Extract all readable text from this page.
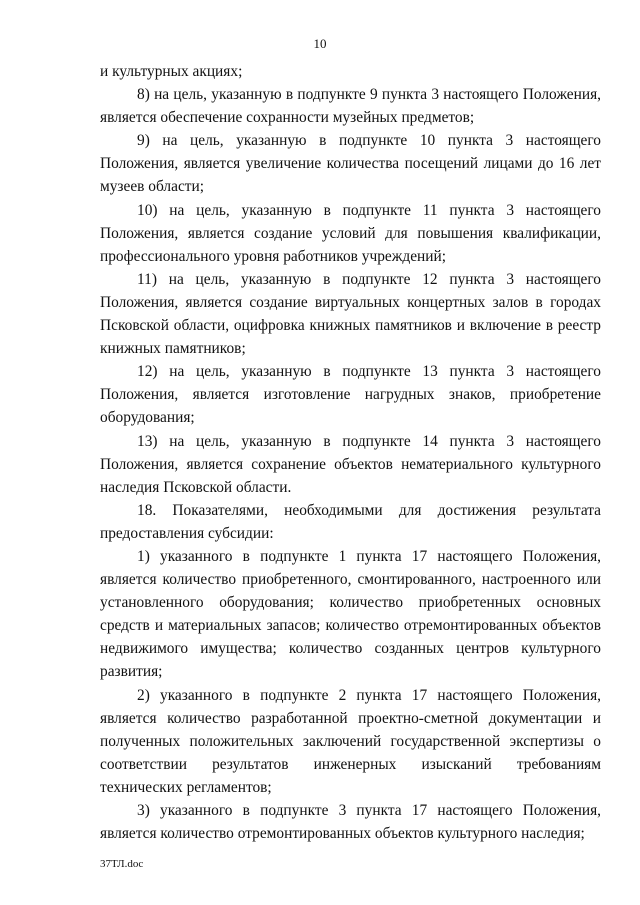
10

и культурных акциях;

8) на цель, указанную в подпункте 9 пункта 3 настоящего Положения, является обеспечение сохранности музейных предметов;

9) на цель, указанную в подпункте 10 пункта 3 настоящего Положения, является увеличение количества посещений лицами до 16 лет музеев области;

10) на цель, указанную в подпункте 11 пункта 3 настоящего Положения, является создание условий для повышения квалификации, профессионального уровня работников учреждений;

11) на цель, указанную в подпункте 12 пункта 3 настоящего Положения, является создание виртуальных концертных залов в городах Псковской области, оцифровка книжных памятников и включение в реестр книжных памятников;

12) на цель, указанную в подпункте 13 пункта 3 настоящего Положения, является изготовление нагрудных знаков, приобретение оборудования;

13) на цель, указанную в подпункте 14 пункта 3 настоящего Положения, является сохранение объектов нематериального культурного наследия Псковской области.

18. Показателями, необходимыми для достижения результата предоставления субсидии:

1) указанного в подпункте 1 пункта 17 настоящего Положения, является количество приобретенного, смонтированного, настроенного или установленного оборудования; количество приобретенных основных средств и материальных запасов; количество отремонтированных объектов недвижимого имущества; количество созданных центров культурного развития;

2) указанного в подпункте 2 пункта 17 настоящего Положения, является количество разработанной проектно-сметной документации и полученных положительных заключений государственной экспертизы о соответствии результатов инженерных изысканий требованиям технических регламентов;

3) указанного в подпункте 3 пункта 17 настоящего Положения, является количество отремонтированных объектов культурного наследия;

37ТЛ.doc
